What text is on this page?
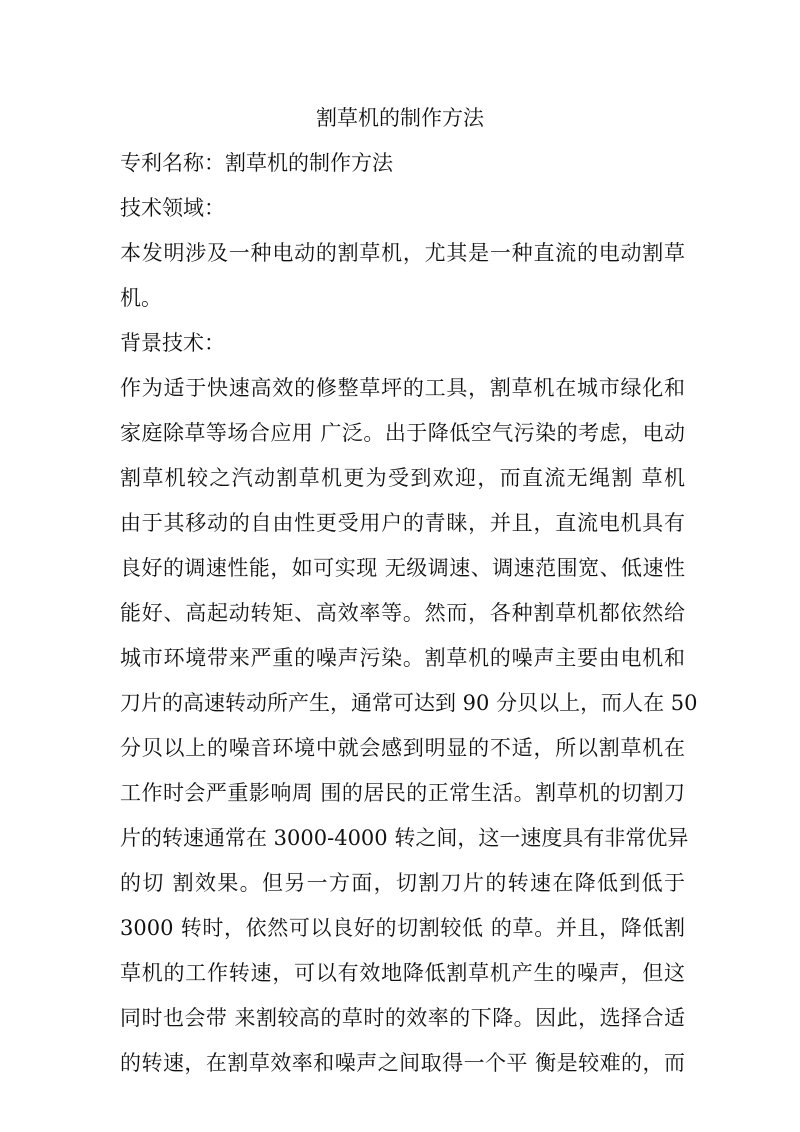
割草机的制作方法
专利名称：割草机的制作方法
技术领域：
本发明涉及一种电动的割草机，尤其是一种直流的电动割草
机。
背景技术：
作为适于快速高效的修整草坪的工具，割草机在城市绿化和
家庭除草等场合应用 广泛。出于降低空气污染的考虑，电动
割草机较之汽动割草机更为受到欢迎，而直流无绳割 草机
由于其移动的自由性更受用户的青睐，并且，直流电机具有
良好的调速性能，如可实现 无级调速、调速范围宽、低速性
能好、高起动转矩、高效率等。然而，各种割草机都依然给
城市环境带来严重的噪声污染。割草机的噪声主要由电机和
刀片的高速转动所产生，通常可达到 90 分贝以上，而人在 50
分贝以上的噪音环境中就会感到明显的不适，所以割草机在
工作时会严重影响周 围的居民的正常生活。割草机的切割刀
片的转速通常在 3000-4000 转之间，这一速度具有非常优异
的切 割效果。但另一方面，切割刀片的转速在降低到低于
3000 转时，依然可以良好的切割较低 的草。并且，降低割
草机的工作转速，可以有效地降低割草机产生的噪声，但这
同时也会带 来割较高的草时的效率的下降。因此，选择合适
的转速，在割草效率和噪声之间取得一个平 衡是较难的，而
